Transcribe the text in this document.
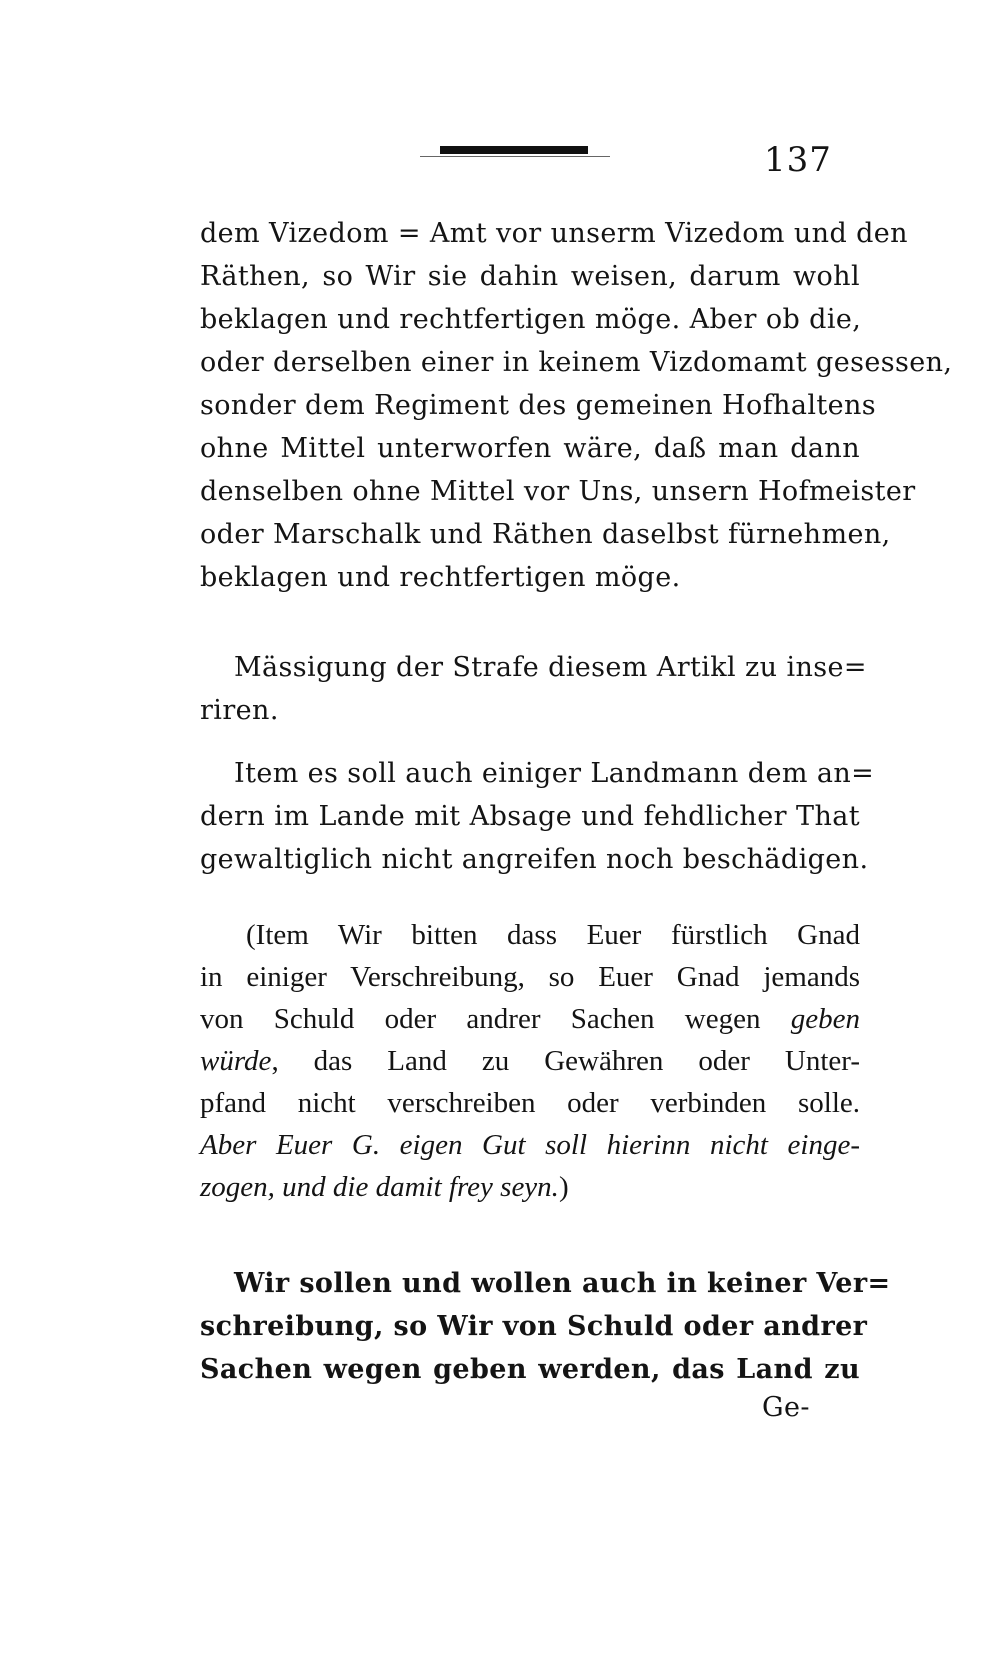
137
dem Vizedom = Amt vor unserm Vizedom und den
Räthen, so Wir sie dahin weisen, darum wohl
beklagen und rechtfertigen möge. Aber ob die,
oder derselben einer in keinem Vizdomamt gesessen,
sonder dem Regiment des gemeinen Hofhaltens
ohne Mittel unterworfen wäre, daß man dann
denselben ohne Mittel vor Uns, unsern Hofmeister
oder Marschalk und Räthen daselbst fürnehmen,
beklagen und rechtfertigen möge.
Mässigung der Strafe diesem Artikl zu inse=
riren.
Item es soll auch einiger Landmann dem an=
dern im Lande mit Absage und fehdlicher That
gewaltiglich nicht angreifen noch beschädigen.
(Item Wir bitten dass Euer fürstlich Gnad
in einiger Verschreibung, so Euer Gnad jemands
von Schuld oder andrer Sachen wegen geben
würde, das Land zu Gewähren oder Unter-
pfand nicht verschreiben oder verbinden solle.
Aber Euer G. eigen Gut soll hierinn nicht einge-
zogen, und die damit frey seyn.)
Wir sollen und wollen auch in keiner Ver=
schreibung, so Wir von Schuld oder andrer
Sachen wegen geben werden, das Land zu
Ge-
